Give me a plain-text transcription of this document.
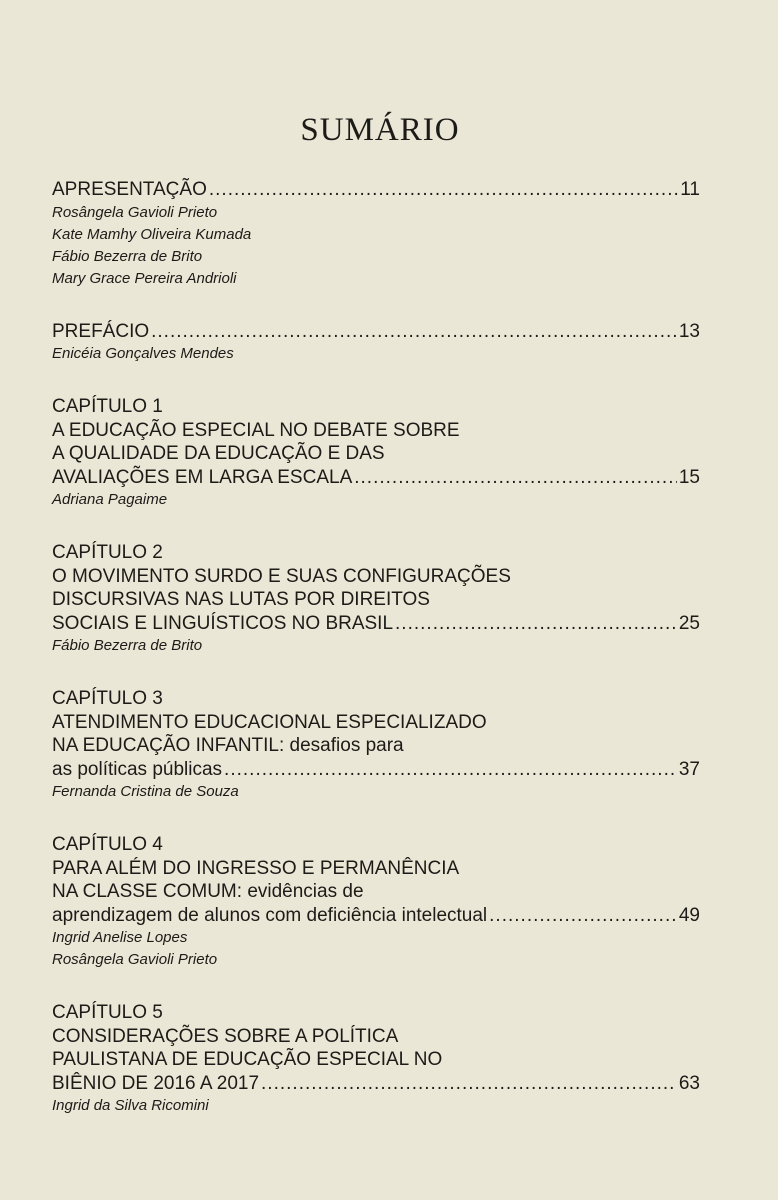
SUMÁRIO
APRESENTAÇÃO .....	11
Rosângela Gavioli Prieto
Kate Mamhy Oliveira Kumada
Fábio Bezerra de Brito
Mary Grace Pereira Andrioli
PREFÁCIO .....	13
Enicéia Gonçalves Mendes
CAPÍTULO 1
A EDUCAÇÃO ESPECIAL NO DEBATE SOBRE
A QUALIDADE DA EDUCAÇÃO E DAS
AVALIAÇÕES EM LARGA ESCALA .....	15
Adriana Pagaime
CAPÍTULO 2
O MOVIMENTO SURDO E SUAS CONFIGURAÇÕES
DISCURSIVAS NAS LUTAS POR DIREITOS
SOCIAIS E LINGUÍSTICOS NO BRASIL .....	25
Fábio Bezerra de Brito
CAPÍTULO 3
ATENDIMENTO EDUCACIONAL ESPECIALIZADO
NA EDUCAÇÃO INFANTIL: desafios para
as políticas públicas .....	37
Fernanda Cristina de Souza
CAPÍTULO 4
PARA ALÉM DO INGRESSO E PERMANÊNCIA
NA CLASSE COMUM: evidências de
aprendizagem de alunos com deficiência intelectual .....	49
Ingrid Anelise Lopes
Rosângela Gavioli Prieto
CAPÍTULO 5
CONSIDERAÇÕES SOBRE A POLÍTICA
PAULISTANA DE EDUCAÇÃO ESPECIAL NO
BIÊNIO DE 2016 A 2017 .....	63
Ingrid da Silva Ricomini
